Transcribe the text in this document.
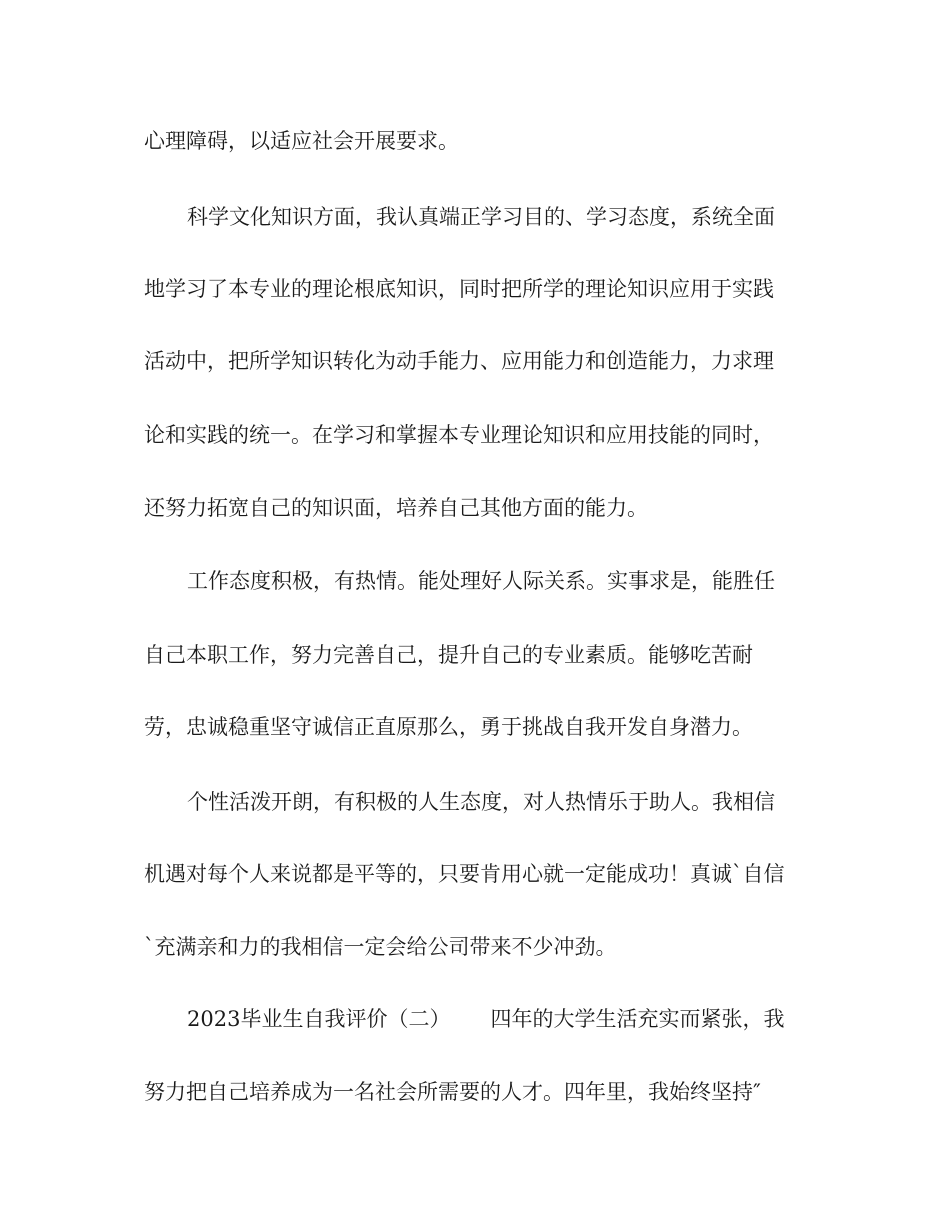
心理障碍，以适应社会开展要求。
科学文化知识方面，我认真端正学习目的、学习态度，系统全面
地学习了本专业的理论根底知识，同时把所学的理论知识应用于实践
活动中，把所学知识转化为动手能力、应用能力和创造能力，力求理
论和实践的统一。在学习和掌握本专业理论知识和应用技能的同时，
还努力拓宽自己的知识面，培养自己其他方面的能力。
工作态度积极，有热情。能处理好人际关系。实事求是，能胜任
自己本职工作，努力完善自己，提升自己的专业素质。能够吃苦耐
劳，忠诚稳重坚守诚信正直原那么，勇于挑战自我开发自身潜力。
个性活泼开朗，有积极的人生态度，对人热情乐于助人。我相信
机遇对每个人来说都是平等的，只要肯用心就一定能成功！真诚`自信
`充满亲和力的我相信一定会给公司带来不少冲劲。
2023毕业生自我评价（二） 四年的大学生活充实而紧张，我
努力把自己培养成为一名社会所需要的人才。四年里，我始终坚持″
